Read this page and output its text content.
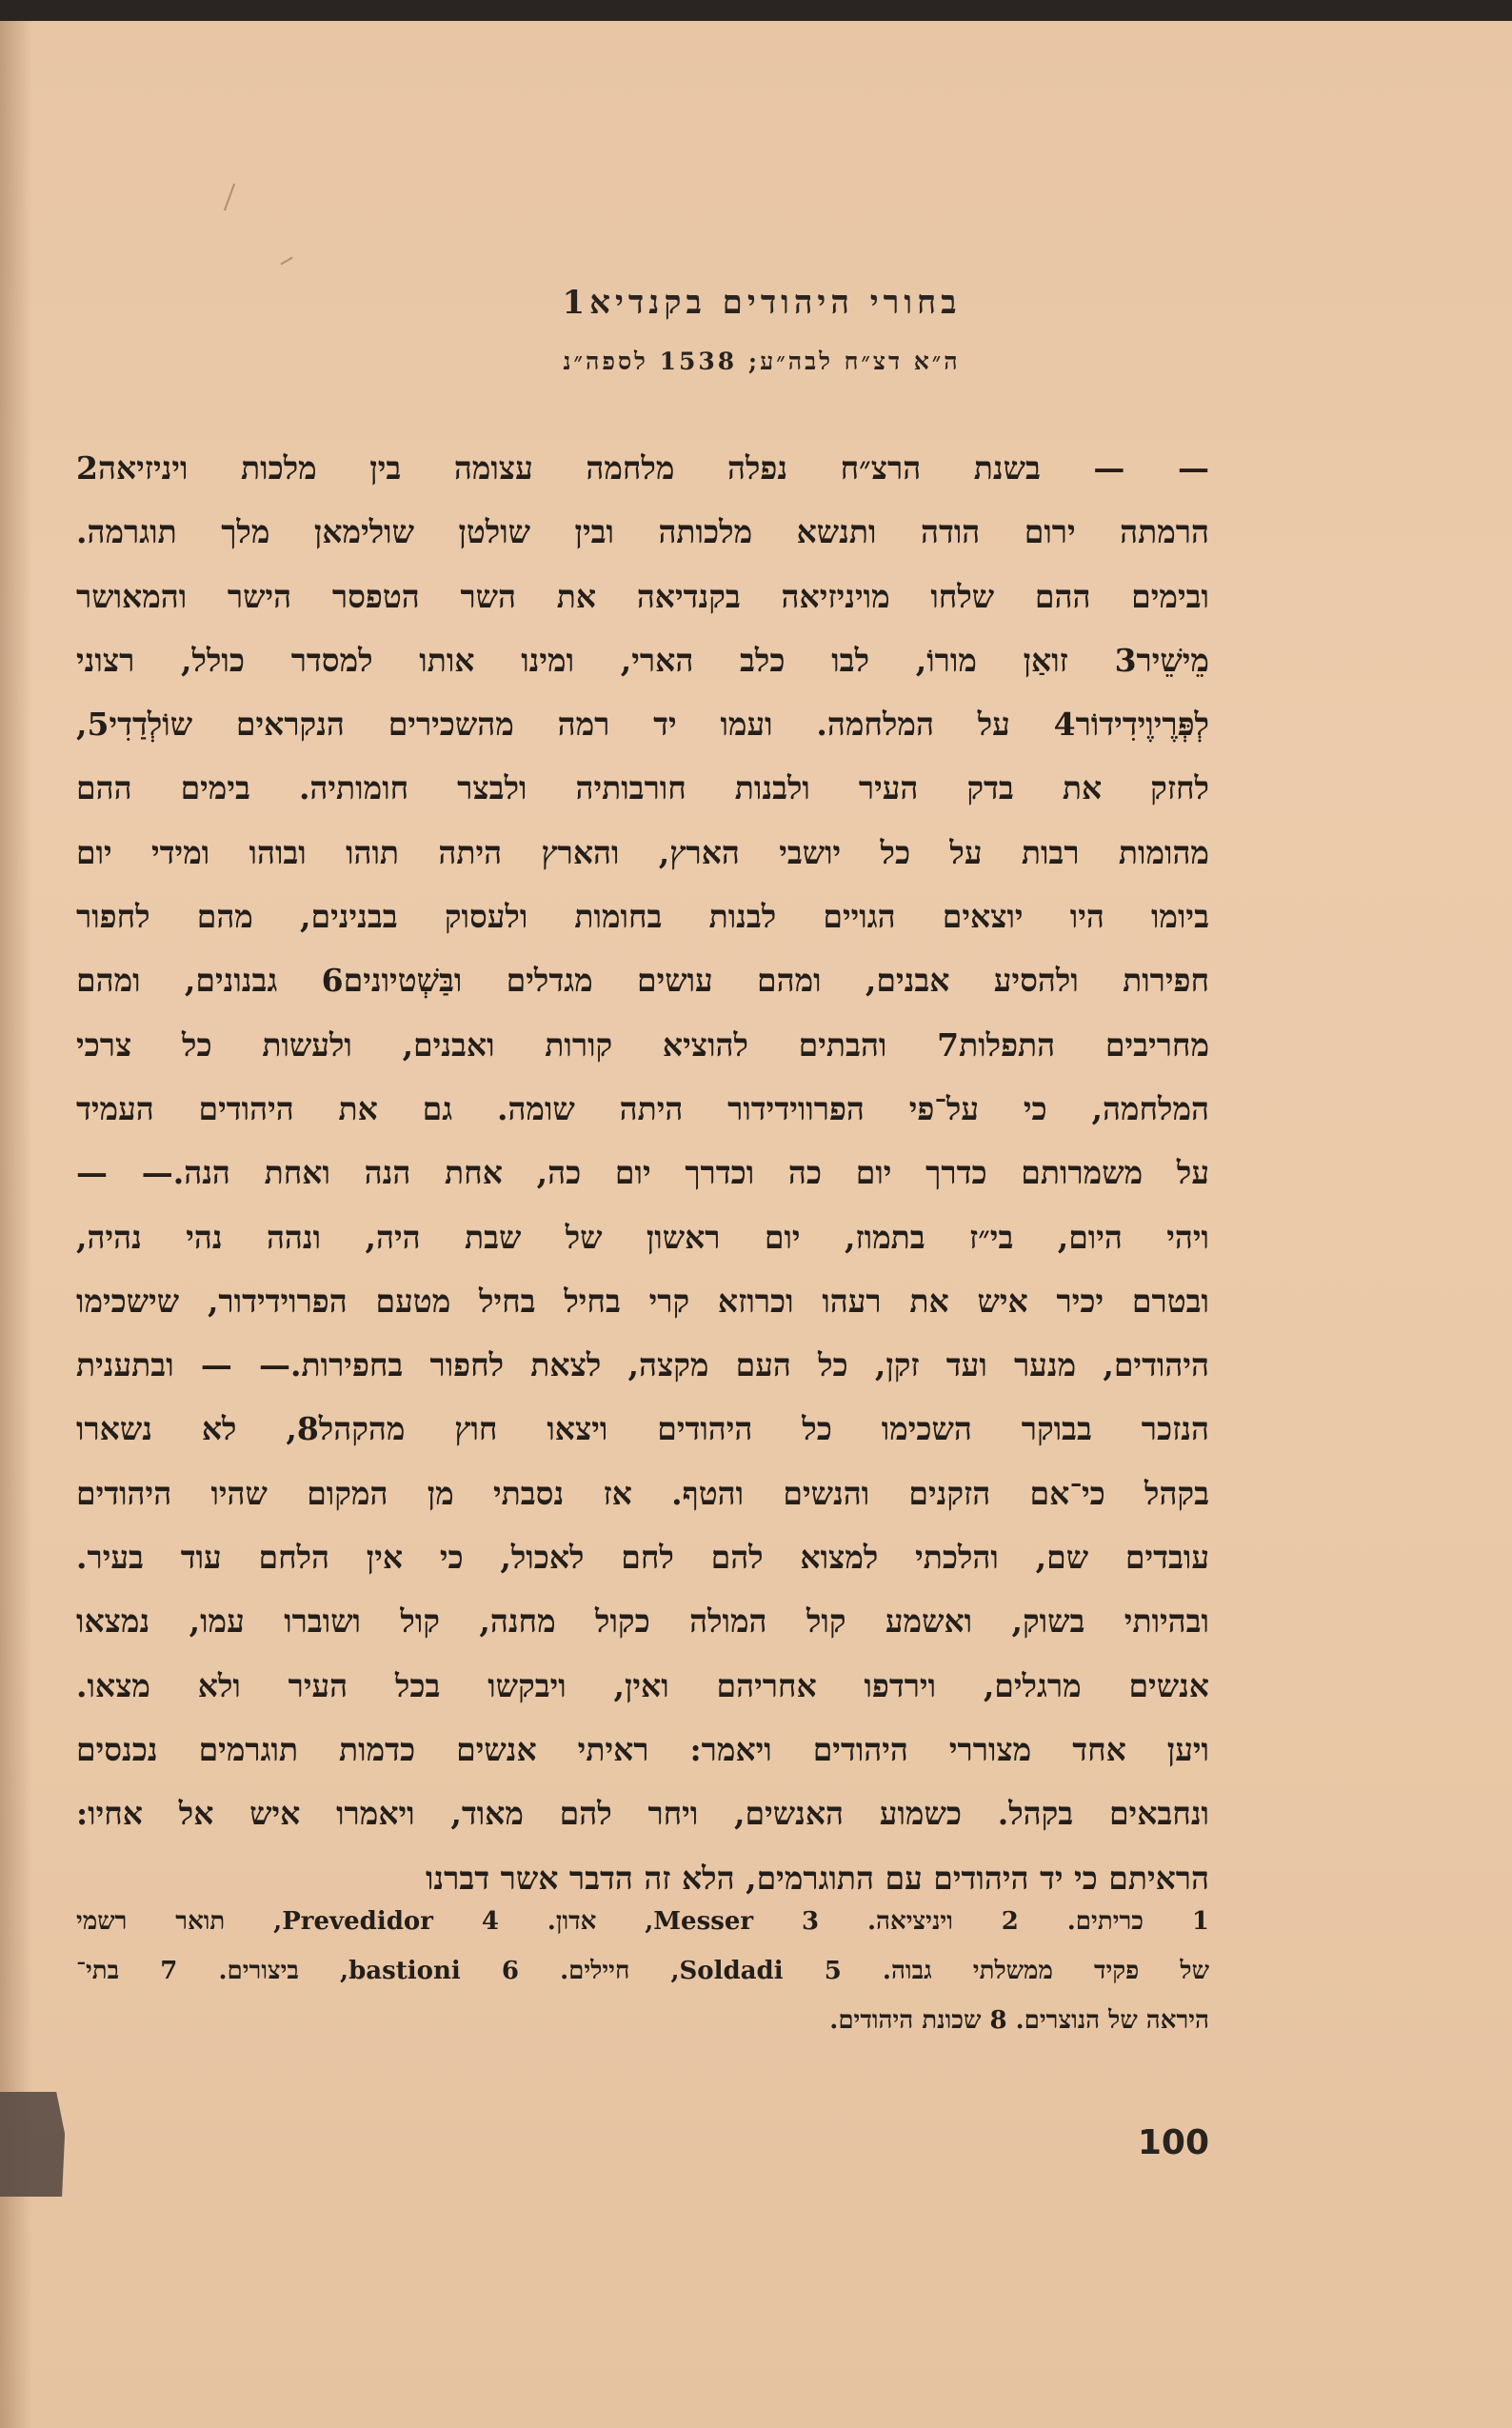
בחורי היהודים בקנדיא1
ה״א דצ״ח לבה״ע; 1538 לספה״נ
— — בשנת הרצ״ח נפלה מלחמה עצומה בין מלכות ויניזיאה2
הרמתה ירום הודה ותנשא מלכותה ובין שולטן שולימאן מלך תוגרמה.
ובימים ההם שלחו מויניזיאה בקנדיאה את השר הטפסר הישר והמאושר
מֵישֵׁיר3 זואַן מורוֹ, לבו כלב הארי, ומינו אותו למסדר כולל, רצוני
לְפְּרֶיוֶידִידוֹר4 על המלחמה. ועמו יד רמה מהשכירים הנקראים שוֹלְדַדִי5,
לחזק את בדק העיר ולבנות חורבותיה ולבצר חומותיה. בימים ההם
מהומות רבות על כל יושבי הארץ, והארץ היתה תוהו ובוהו ומידי יום
ביומו היו יוצאים הגויים לבנות בחומות ולעסוק בבנינים, מהם לחפור
חפירות ולהסיע אבנים, ומהם עושים מגדלים ובַּשְׁטיונים6 גבנונים, ומהם
מחריבים התפלות7 והבתים להוציא קורות ואבנים, ולעשות כל צרכי
המלחמה, כי על־פי הפרווידידור היתה שומה. גם את היהודים העמיד
על משמרותם כדרך יום כה וכדרך יום כה, אחת הנה ואחת הנה.— —
ויהי היום, בי״ז בתמוז, יום ראשון של שבת היה, ונהה נהי נהיה,
ובטרם יכיר איש את רעהו וכרוזא קרי בחיל בחיל מטעם הפרוידידור, שישכימו
היהודים, מנער ועד זקן, כל העם מקצה, לצאת לחפור בחפירות.— — ובתענית
הנזכר בבוקר השכימו כל היהודים ויצאו חוץ מהקהל8, לא נשארו
בקהל כי־אם הזקנים והנשים והטף. אז נסבתי מן המקום שהיו היהודים
עובדים שם, והלכתי למצוא להם לחם לאכול, כי אין הלחם עוד בעיר.
ובהיותי בשוק, ואשמע קול המולה כקול מחנה, קול ושוברו עמו, נמצאו
אנשים מרגלים, וירדפו אחריהם ואין, ויבקשו בכל העיר ולא מצאו.
ויען אחד מצוררי היהודים ויאמר: ראיתי אנשים כדמות תוגרמים נכנסים
ונחבאים בקהל. כשמוע האנשים, ויחר להם מאוד, ויאמרו איש אל אחיו:
הראיתם כי יד היהודים עם התוגרמים, הלא זה הדבר אשר דברנו
1 כריתים. 2 ויניציאה. 3 Messer, אדון. 4 Prevedidor, תואר רשמי
של פקיד ממשלתי גבוה. 5 Soldadi, חיילים. 6 bastioni, ביצורים. 7 בתי־
היראה של הנוצרים. 8 שכונת היהודים.
100
